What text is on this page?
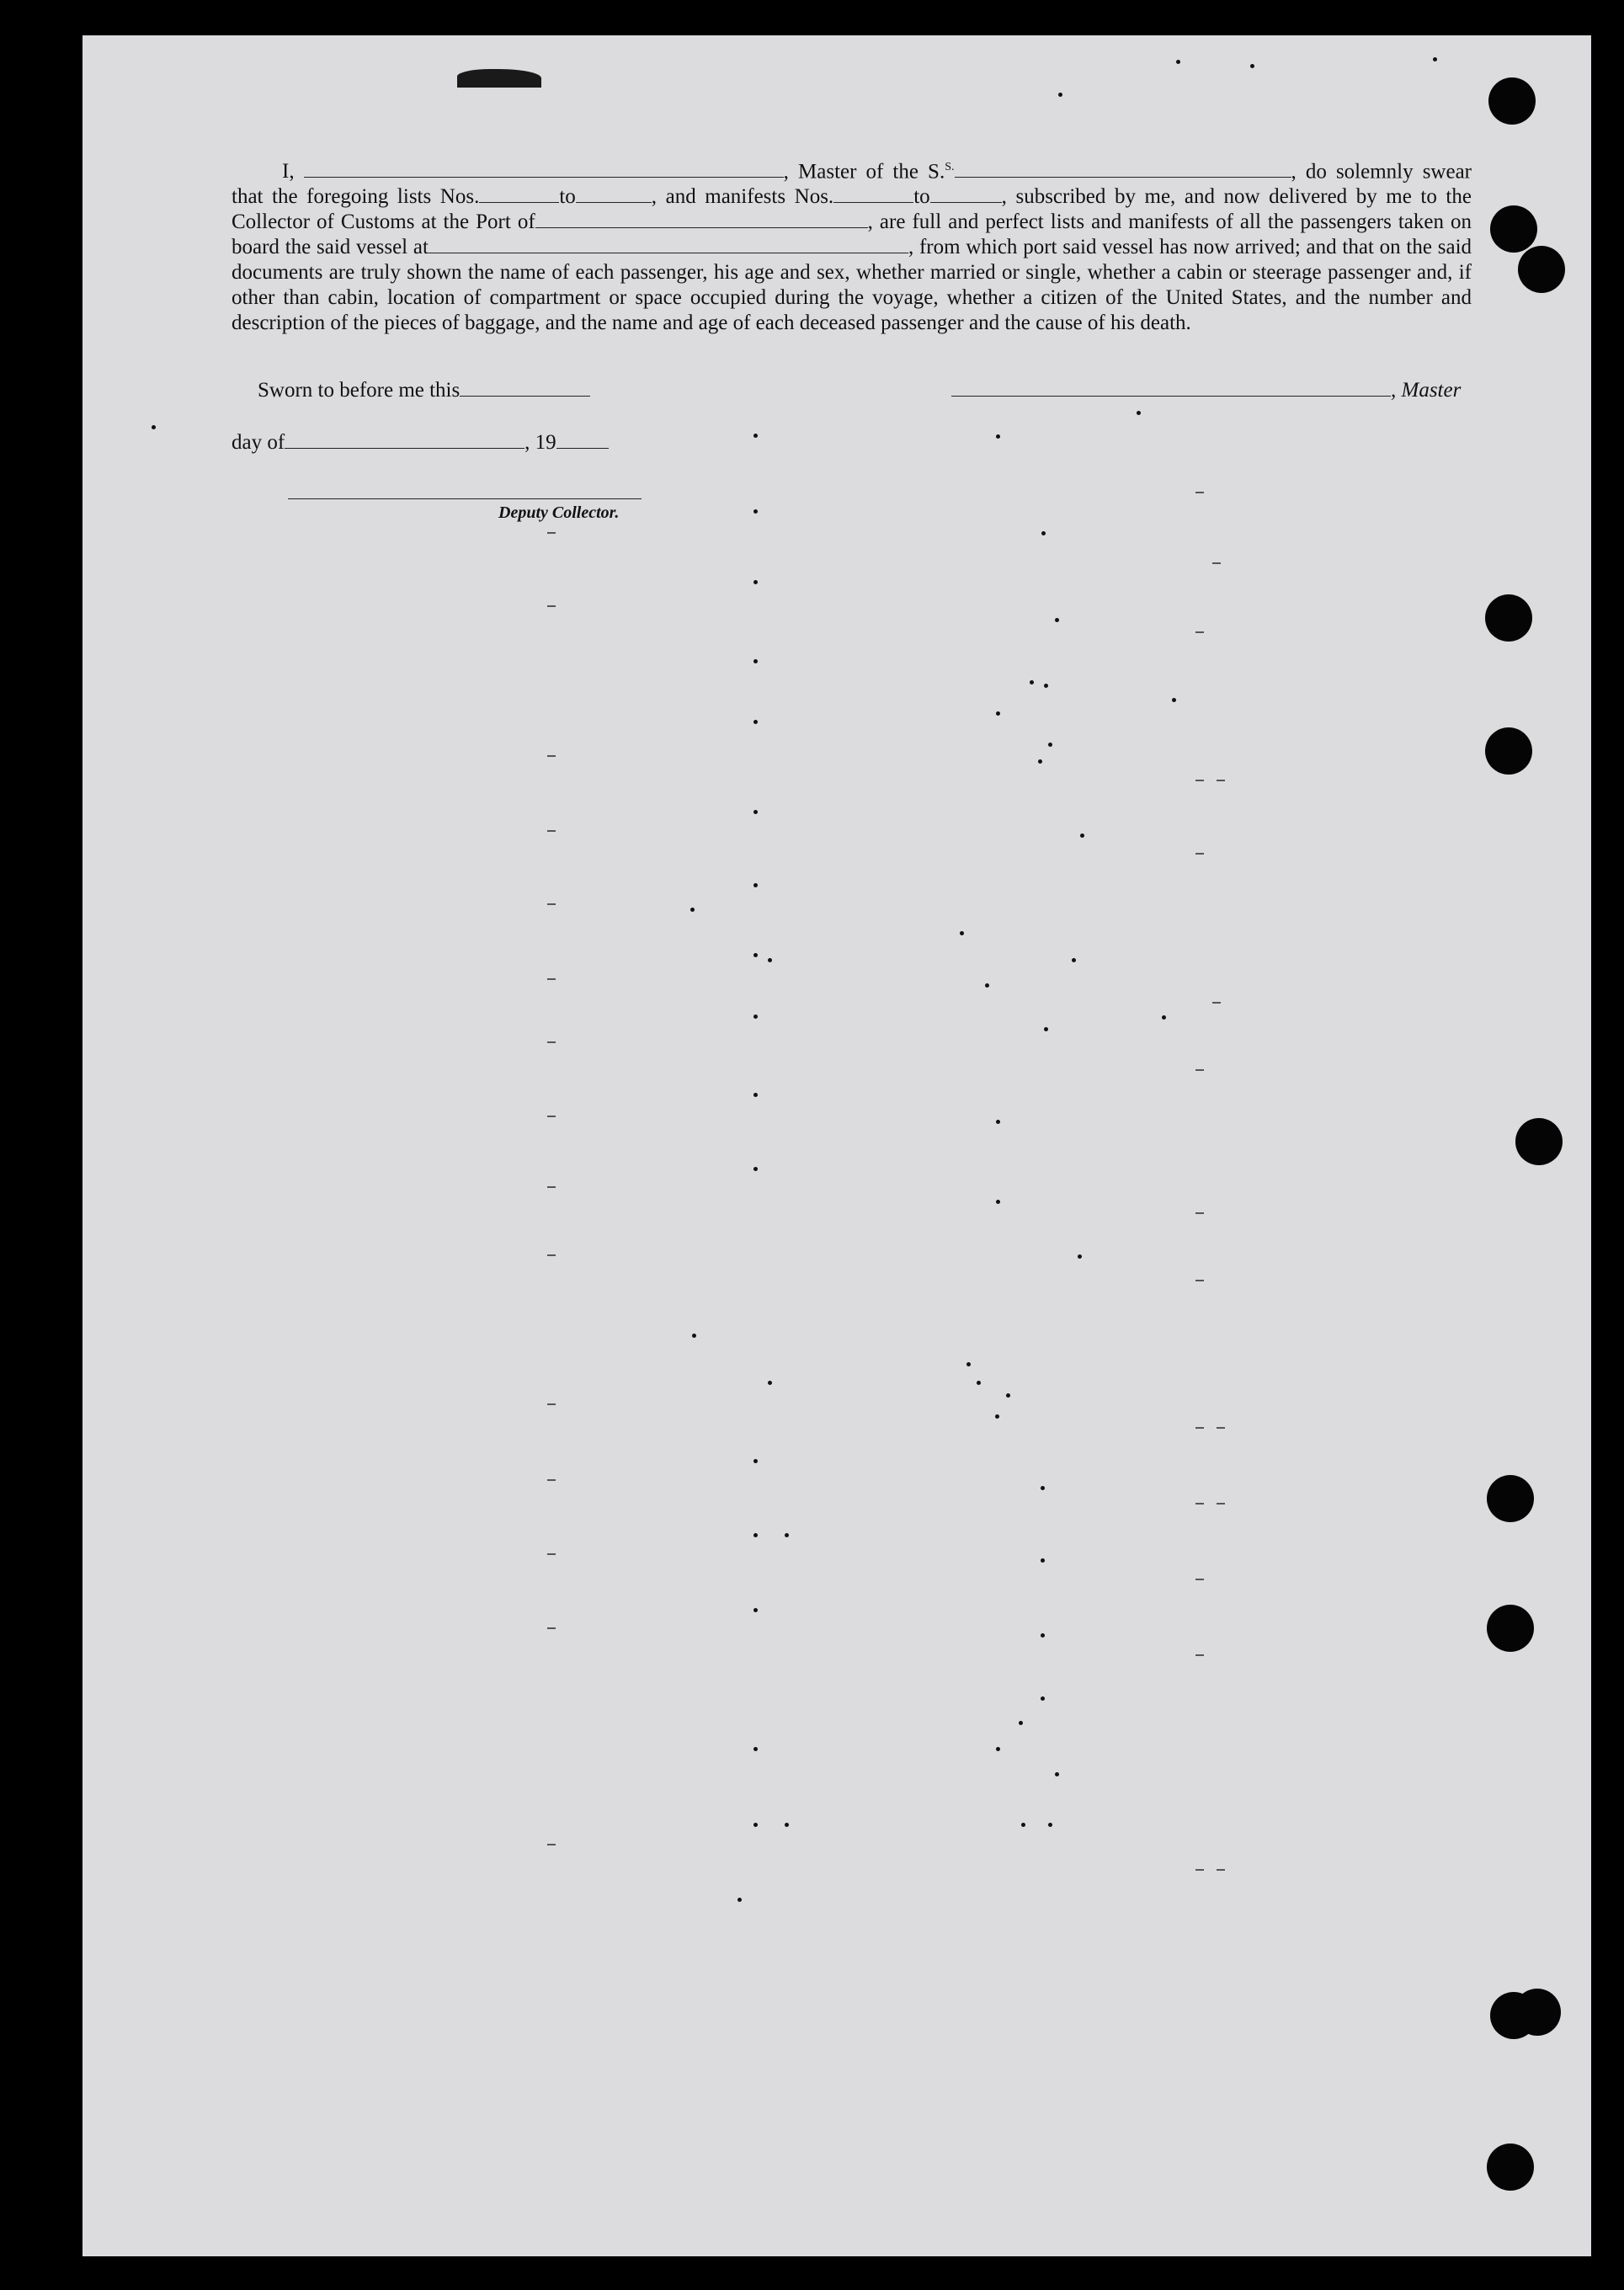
I,	, Master of the S.$^{S.}$	, do solemnly swear that the foregoing lists Nos.	to	, and manifests Nos.	to	, subscribed by me, and now delivered by me to the Collector of Customs at the Port of	, are full and perfect lists and manifests of all the passengers taken on board the said vessel at	, from which port said vessel has now arrived; and that on the said documents are truly shown the name of each passenger, his age and sex, whether married or single, whether a cabin or steerage passenger and, if other than cabin, location of compartment or space occupied during the voyage, whether a citizen of the United States, and the number and description of the pieces of baggage, and the name and age of each deceased passenger and the cause of his death.
Sworn to before me this	, Master
day of	, 19
Deputy Collector.
